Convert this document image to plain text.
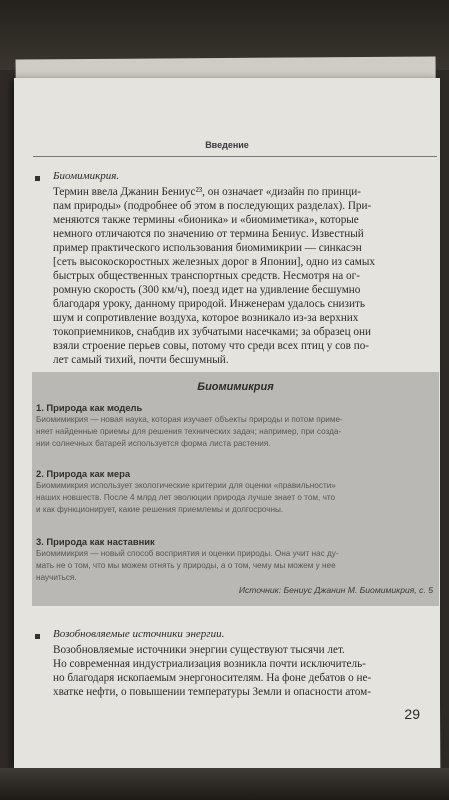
Введение
Биомимикрия.
Термин ввела Джанин Бениус²³, он означает «дизайн по принци-
пам природы» (подробнее об этом в последующих разделах). При-
меняются также термины «бионика» и «биомиметика», которые
немного отличаются по значению от термина Бениус. Известный
пример практического использования биомимикрии — синкасэн
[сеть высокоскоростных железных дорог в Японии], одно из самых
быстрых общественных транспортных средств. Несмотря на ог-
ромную скорость (300 км/ч), поезд идет на удивление бесшумно
благодаря уроку, данному природой. Инженерам удалось снизить
шум и сопротивление воздуха, которое возникало из-за верхних
токоприемников, снабдив их зубчатыми насечками; за образец они
взяли строение перьев совы, потому что среди всех птиц у сов по-
лет самый тихий, почти бесшумный.
Биомимикрия
1. Природа как модель
Биомимикрия — новая наука, которая изучает объекты природы и потом приме-
няет найденные приемы для решения технических задач; например, при созда-
нии солнечных батарей используется форма листа растения.
2. Природа как мера
Биомимикрия использует экологические критерии для оценки «правильности»
наших новшеств. После 4 млрд лет эволюции природа лучше знает о том, что
и как функционирует, какие решения приемлемы и долгосрочны.
3. Природа как наставник
Биомимикрия — новый способ восприятия и оценки природы. Она учит нас ду-
мать не о том, что мы можем отнять у природы, а о том, чему мы можем у нее
научиться.
Источник: Бениус Джанин М. Биомимикрия, с. 5
Возобновляемые источники энергии.
Возобновляемые источники энергии существуют тысячи лет.
Но современная индустриализация возникла почти исключитель-
но благодаря ископаемым энергоносителям. На фоне дебатов о не-
хватке нефти, о повышении температуры Земли и опасности атом-
29
